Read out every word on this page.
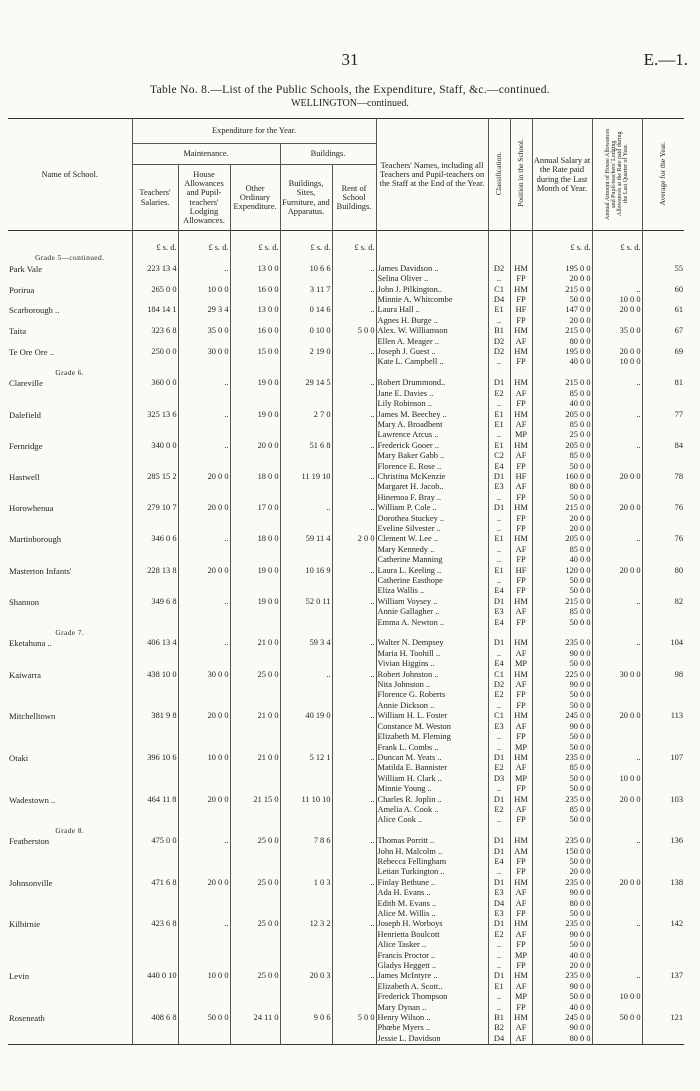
31	E.—1.
Table No. 8.—List of the Public Schools, the Expenditure, Staff, &c.—continued.
WELLINGTON—continued.
Name of School.	Expenditure for the Year.					Teachers' Names, including all Teachers and Pupil-teachers on the Staff at the End of the Year.	Classification.	Position in the School.	Annual Salary at the Rate paid during the Last Month of Year.	Annual Amount of House Allowances and Pupil-teachers' Lodging Allowances at the Rate paid during the Last Quarter of Year.	Average for the Year.
	Maintenance.			Buildings.							
	Teachers' Salaries.	House Allowances and Pupil-teachers' Lodging Allowances.	Other Ordinary Expenditure.	Buildings, Sites, Furniture, and Apparatus.	Rent of School Buildings.						
	£ s. d.	£ s. d.	£ s. d.	£ s. d.	£ s. d.				£ s. d.	£ s. d.	
Grade 5—continued.											
Park Vale	223 13 4	..	13 0 0	10 6 6	..	James Davidson ..	D2	HM	195 0 0		55
						Selina Oliver ..	..	FP	20 0 0		
Porirua	265 0 0	10 0 0	16 0 0	3 11 7	..	John J. Pilkington..	C1	HM	215 0 0	..	60
						Minnie A. Whitcombe	D4	FP	50 0 0	10 0 0	
Scarborough ..	184 14 1	29 3 4	13 0 0	0 14 6	..	Laura Hall ..	E1	HF	147 0 0	20 0 0	61
						Agnes H. Burge ..	..	FP	20 0 0		
Taita	323 6 8	35 0 0	16 0 0	0 10 0	5 0 0	Alex. W. Williamson	B1	HM	215 0 0	35 0 0	67
						Ellen A. Meager ..	D2	AF	80 0 0		
Te Ore Ore ..	250 0 0	30 0 0	15 0 0	2 19 0	..	Joseph J. Guest ..	D2	HM	195 0 0	20 0 0	69
						Kate L. Campbell ..	..	FP	40 0 0	10 0 0	
Grade 6.											
Clareville	360 0 0	..	19 0 0	29 14 5	..	Robert Drummond..	D1	HM	215 0 0	..	81
						Jane E. Davies ..	E2	AF	85 0 0		
						Lily Robinson ..	..	FP	40 0 0		
Dalefield	325 13 6	..	19 0 0	2 7 0	..	James M. Beechey ..	E1	HM	205 0 0	..	77
						Mary A. Broadbent	E1	AF	85 0 0		
						Lawrence Arcus ..	..	MP	25 0 0		
Fernridge	340 0 0	..	20 0 0	51 6 8	..	Frederick Gooer ..	E1	HM	205 0 0	..	84
						Mary Baker Gabb ..	C2	AF	85 0 0		
						Florence E. Rose ..	E4	FP	50 0 0		
Hastwell	285 15 2	20 0 0	18 0 0	11 19 10	..	Christina McKenzie	D1	HF	160 0 0	20 0 0	78
						Margaret H. Jacob..	E3	AF	80 0 0		
						Hinemoa F. Bray ..	..	FP	50 0 0		
Horowhenua	279 10 7	20 0 0	17 0 0	..	..	William P. Cole ..	D1	HM	215 0 0	20 0 0	76
						Dorothea Stuckey ..	..	FP	20 0 0		
						Eveline Silvester ..	..	FP	20 0 0		
Martinborough	346 0 6	..	18 0 0	59 11 4	2 0 0	Clement W. Lee ..	E1	HM	205 0 0	..	76
						Mary Kennedy ..	..	AF	85 0 0		
						Catherine Manning	..	FP	40 0 0		
Masterton Infants'	228 13 8	20 0 0	19 0 0	10 16 9	..	Laura L. Keeling ..	E1	HF	120 0 0	20 0 0	80
						Catherine Easthope	..	FP	50 0 0		
						Eliza Wallis ..	E4	FP	50 0 0		
Shannon	349 6 8	..	19 0 0	52 0 11	..	William Voysey ..	D1	HM	215 0 0	..	82
						Annie Gallagher ..	E3	AF	85 0 0		
						Emma A. Newton ..	E4	FP	50 0 0		
Grade 7.											
Eketahuna ..	406 13 4	..	21 0 0	59 3 4	..	Walter N. Dempsey	D1	HM	235 0 0	..	104
						Maria H. Toohill ..	..	AF	90 0 0		
						Vivian Higgins ..	E4	MP	50 0 0		
Kaiwarra	438 10 0	30 0 0	25 0 0	..	..	Robert Johnston ..	C1	HM	225 0 0	30 0 0	98
						Nita Johnston ..	D2	AF	90 0 0		
						Florence G. Roberts	E2	FP	50 0 0		
						Annie Dickson ..	..	FP	50 0 0		
Mitchelltown	381 9 8	20 0 0	21 0 0	40 19 0	..	William H. L. Foster	C1	HM	245 0 0	20 0 0	113
						Constance M. Weston	E3	AF	90 0 0		
						Elizabeth M. Fleming	..	FP	50 0 0		
						Frank L. Combs ..	..	MP	50 0 0		
Otaki	396 10 6	10 0 0	21 0 0	5 12 1	..	Duncan M. Yeats ..	D1	HM	235 0 0	..	107
						Matilda E. Bannister	E2	AF	85 0 0		
						William H. Clark ..	D3	MP	50 0 0	10 0 0	
						Minnie Young ..	..	FP	50 0 0		
Wadestown ..	464 11 8	20 0 0	21 15 0	11 10 10	..	Charles R. Joplin ..	D1	HM	235 0 0	20 0 0	103
						Amelia A. Cook ..	E2	AF	85 0 0		
						Alice Cook ..	..	FP	50 0 0		
Grade 8.											
Featherston	475 0 0	..	25 0 0	7 8 6	..	Thomas Porritt ..	D1	HM	235 0 0	..	136
						John H. Malcolm ..	D1	AM	150 0 0		
						Rebecca Fellingham	E4	FP	50 0 0		
						Letian Turkington ..	..	FP	20 0 0		
Johnsonville	471 6 8	20 0 0	25 0 0	1 0 3	..	Finlay Bethune ..	D1	HM	235 0 0	20 0 0	138
						Ada H. Evans ..	E3	AF	90 0 0		
						Edith M. Evans ..	D4	AF	80 0 0		
						Alice M. Willis ..	E3	FP	50 0 0		
Kilbirnie	423 6 8	..	25 0 0	12 3 2	..	Joseph H. Worboys	D1	HM	235 0 0	..	142
						Henrietta Boulcott	E2	AF	90 0 0		
						Alice Tasker ..	..	FP	50 0 0		
						Francis Proctor ..	..	MP	40 0 0		
						Gladys Heggett ..	..	FP	20 0 0		
Levin	440 0 10	10 0 0	25 0 0	20 0 3	..	James McIntyre ..	D1	HM	235 0 0	..	137
						Elizabeth A. Scott..	E1	AF	90 0 0		
						Frederick Thompson	..	MP	50 0 0	10 0 0	
						Mary Dynan ..	..	FP	40 0 0		
Roseneath	408 6 8	50 0 0	24 11 0	9 0 6	5 0 0	Henry Wilson ..	B1	HM	245 0 0	50 0 0	121
						Phœbe Myers ..	B2	AF	90 0 0		
						Jessie L. Davidson	D4	AF	80 0 0		
